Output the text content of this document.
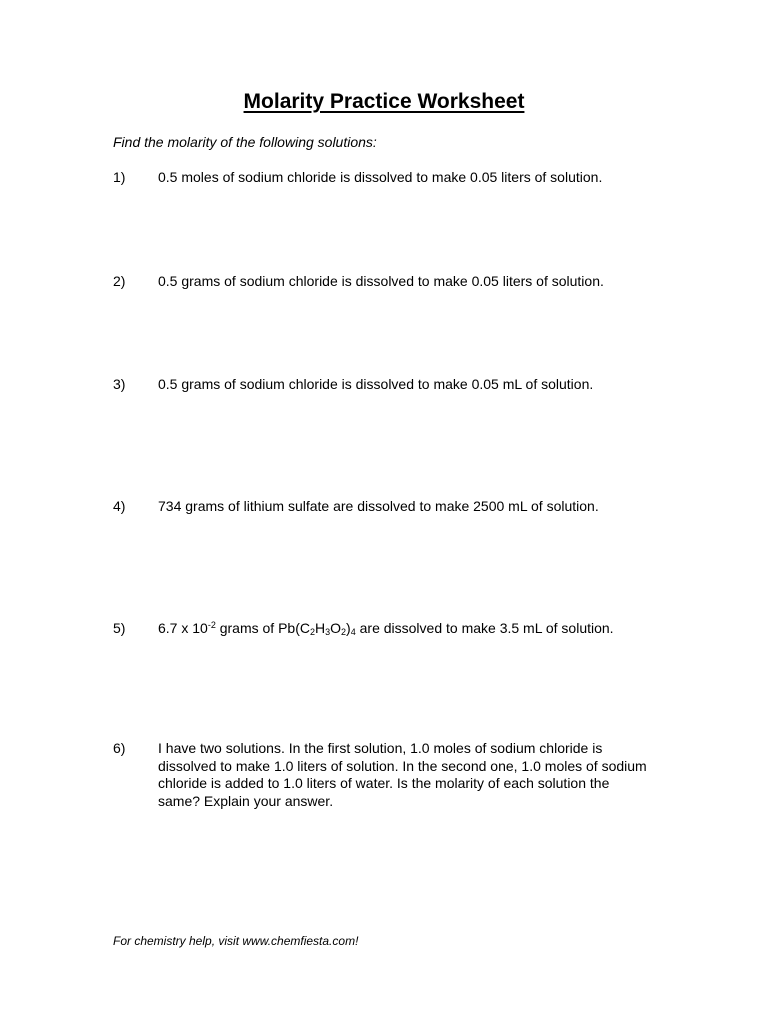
Molarity Practice Worksheet

Find the molarity of the following solutions:

1) 0.5 moles of sodium chloride is dissolved to make 0.05 liters of solution.
2) 0.5 grams of sodium chloride is dissolved to make 0.05 liters of solution.
3) 0.5 grams of sodium chloride is dissolved to make 0.05 mL of solution.
4) 734 grams of lithium sulfate are dissolved to make 2500 mL of solution.
5) 6.7 x $10^{-2}$ grams of $Pb(C_2H_3O_2)_4$ are dissolved to make 3.5 mL of solution.
6) I have two solutions. In the first solution, 1.0 moles of sodium chloride is dissolved to make 1.0 liters of solution. In the second one, 1.0 moles of sodium chloride is added to 1.0 liters of water. Is the molarity of each solution the same? Explain your answer.

For chemistry help, visit www.chemfiesta.com!
